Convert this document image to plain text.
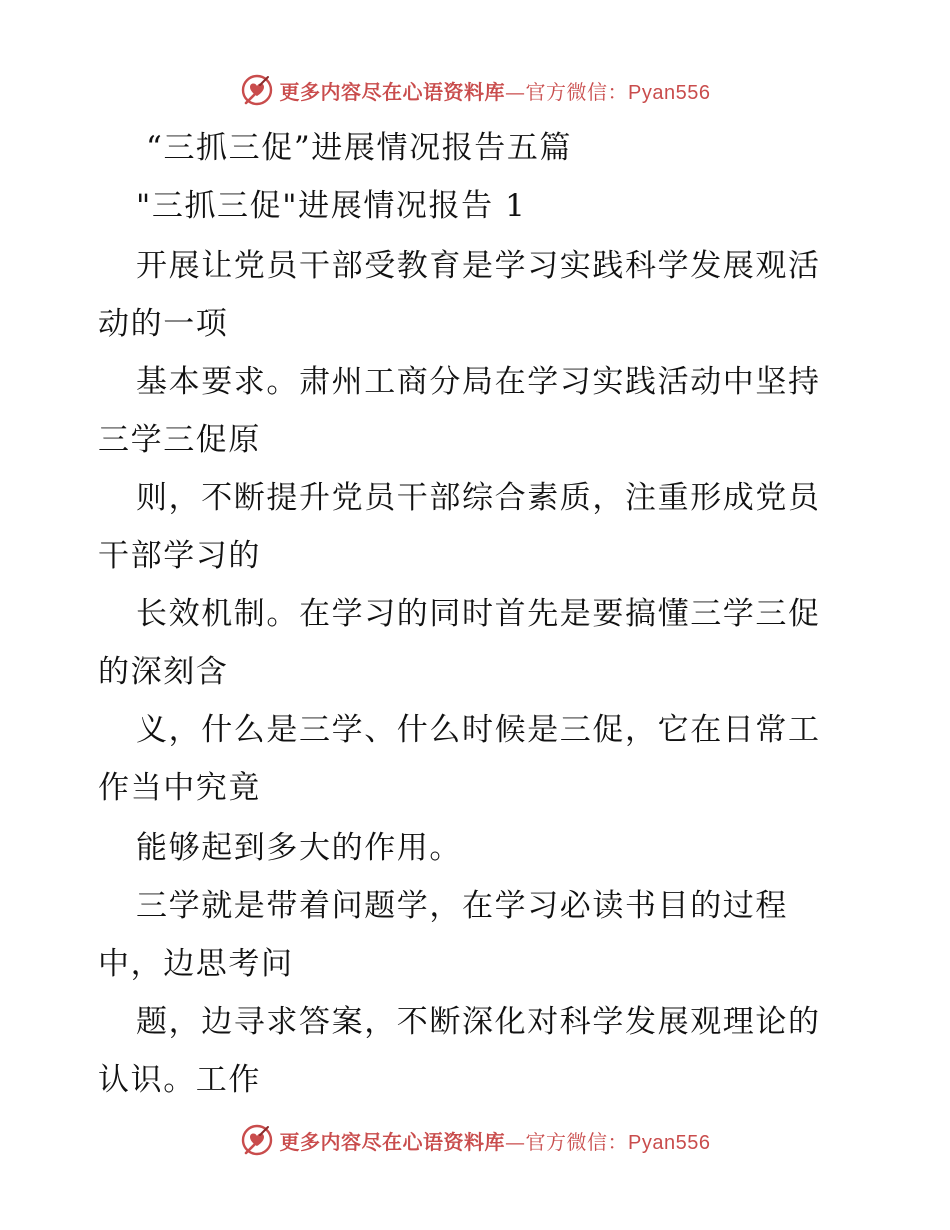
更多内容尽在心语资料库—官方微信：Pyan556
“三抓三促”进展情况报告五篇
"三抓三促"进展情况报告 1
开展让党员干部受教育是学习实践科学发展观活
动的一项
基本要求。肃州工商分局在学习实践活动中坚持
三学三促原
则，不断提升党员干部综合素质，注重形成党员
干部学习的
长效机制。在学习的同时首先是要搞懂三学三促
的深刻含
义，什么是三学、什么时候是三促，它在日常工
作当中究竟
能够起到多大的作用。
三学就是带着问题学，在学习必读书目的过程
中，边思考问
题，边寻求答案，不断深化对科学发展观理论的
认识。工作
更多内容尽在心语资料库—官方微信：Pyan556
